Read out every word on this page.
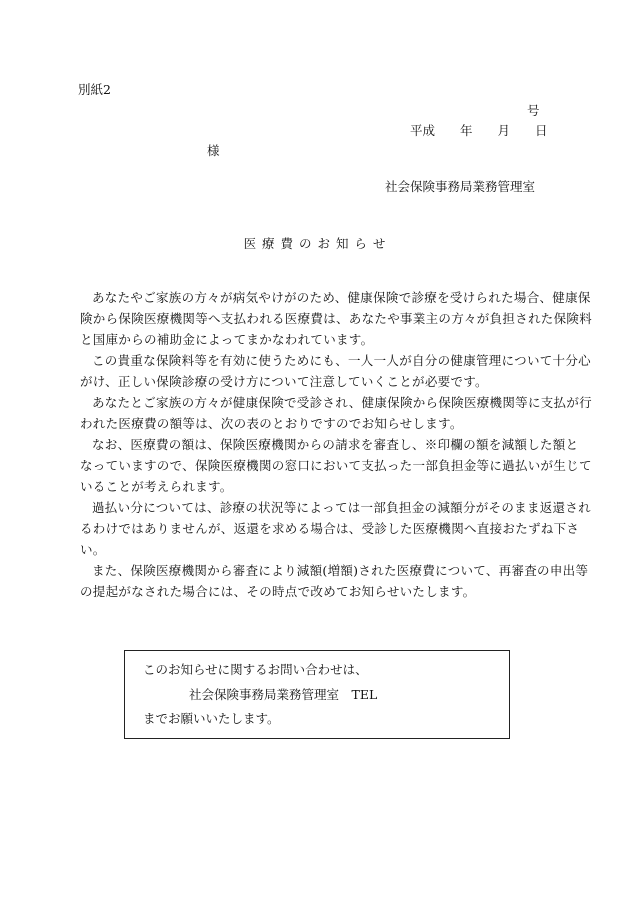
別紙2
号
平成　　年　　月　　日
様
社会保険事務局業務管理室
医 療 費 の お 知 ら せ
あなたやご家族の方々が病気やけがのため、健康保険で診療を受けられた場合、健康保
険から保険医療機関等へ支払われる医療費は、あなたや事業主の方々が負担された保険料
と国庫からの補助金によってまかなわれています。
この貴重な保険料等を有効に使うためにも、一人一人が自分の健康管理について十分心
がけ、正しい保険診療の受け方について注意していくことが必要です。
あなたとご家族の方々が健康保険で受診され、健康保険から保険医療機関等に支払が行
われた医療費の額等は、次の表のとおりですのでお知らせします。
なお、医療費の額は、保険医療機関からの請求を審査し、※印欄の額を減額した額と
なっていますので、保険医療機関の窓口において支払った一部負担金等に過払いが生じて
いることが考えられます。
過払い分については、診療の状況等によっては一部負担金の減額分がそのまま返還され
るわけではありませんが、返還を求める場合は、受診した医療機関へ直接おたずね下さ
い。
また、保険医療機関から審査により減額(増額)された医療費について、再審査の申出等
の提起がなされた場合には、その時点で改めてお知らせいたします。
このお知らせに関するお問い合わせは、
社会保険事務局業務管理室　TEL
までお願いいたします。
